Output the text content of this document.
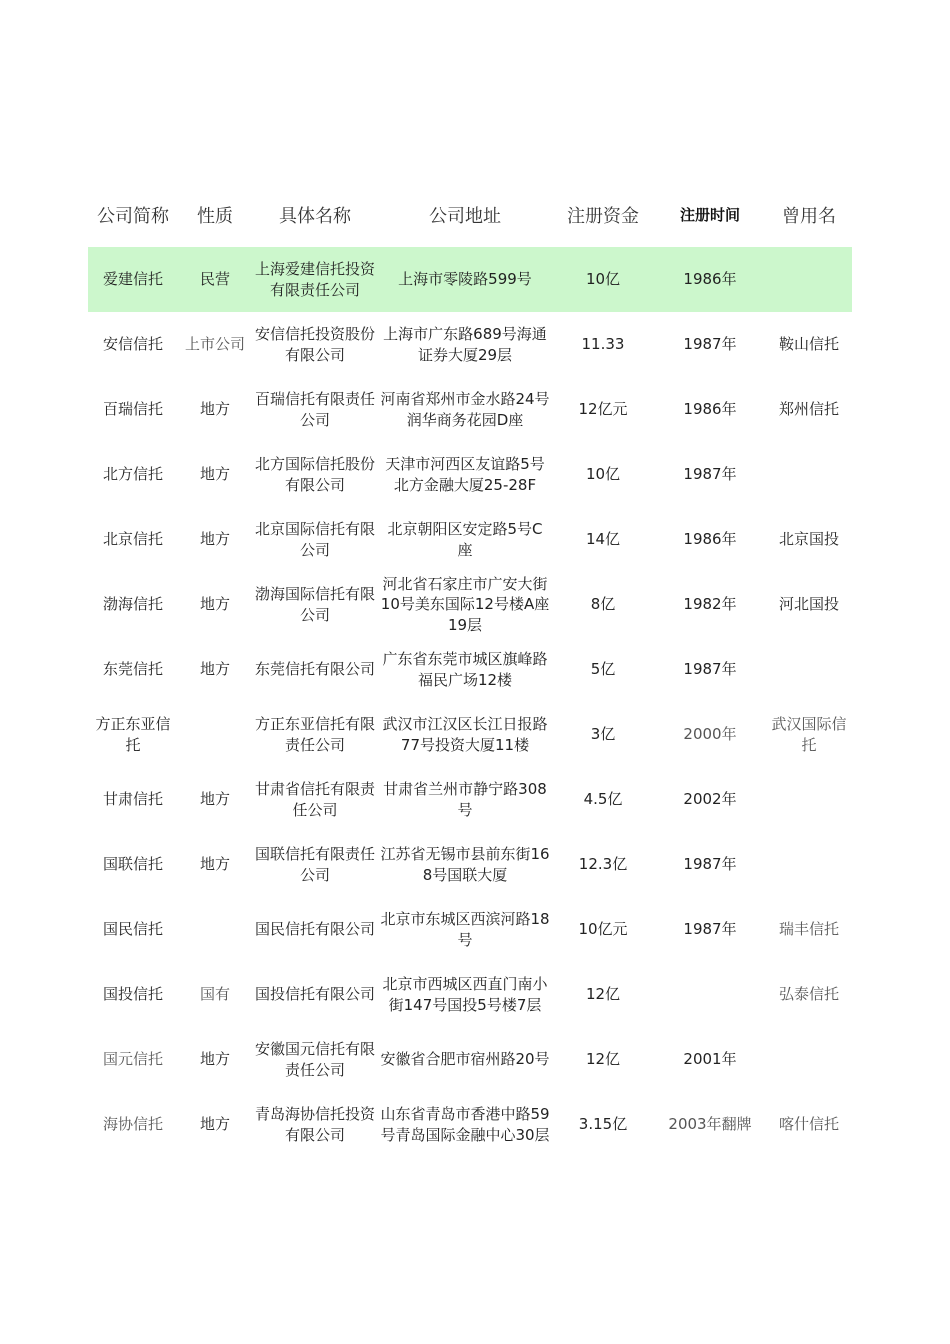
公司简称	性质	具体名称	公司地址	注册资金	注册时间	曾用名
爱建信托	民营	上海爱建信托投资有限责任公司	上海市零陵路599号	10亿	1986年	
安信信托	上市公司	安信信托投资股份有限公司	上海市广东路689号海通证券大厦29层	11.33	1987年	鞍山信托
百瑞信托	地方	百瑞信托有限责任公司	河南省郑州市金水路24号润华商务花园D座	12亿元	1986年	郑州信托
北方信托	地方	北方国际信托股份有限公司	天津市河西区友谊路5号北方金融大厦25-28F	10亿	1987年	
北京信托	地方	北京国际信托有限公司	北京朝阳区安定路5号C座	14亿	1986年	北京国投
渤海信托	地方	渤海国际信托有限公司	河北省石家庄市广安大街10号美东国际12号楼A座19层	8亿	1982年	河北国投
东莞信托	地方	东莞信托有限公司	广东省东莞市城区旗峰路福民广场12楼	5亿	1987年	
方正东亚信托		方正东亚信托有限责任公司	武汉市江汉区长江日报路77号投资大厦11楼	3亿	2000年	武汉国际信托
甘肃信托	地方	甘肃省信托有限责任公司	甘肃省兰州市静宁路308号	4.5亿	2002年	
国联信托	地方	国联信托有限责任公司	江苏省无锡市县前东街168号国联大厦	12.3亿	1987年	
国民信托		国民信托有限公司	北京市东城区西滨河路18号	10亿元	1987年	瑞丰信托
国投信托	国有	国投信托有限公司	北京市西城区西直门南小街147号国投5号楼7层	12亿		弘泰信托
国元信托	地方	安徽国元信托有限责任公司	安徽省合肥市宿州路20号	12亿	2001年	
海协信托	地方	青岛海协信托投资有限公司	山东省青岛市香港中路59号青岛国际金融中心30层	3.15亿	2003年翻牌	喀什信托
